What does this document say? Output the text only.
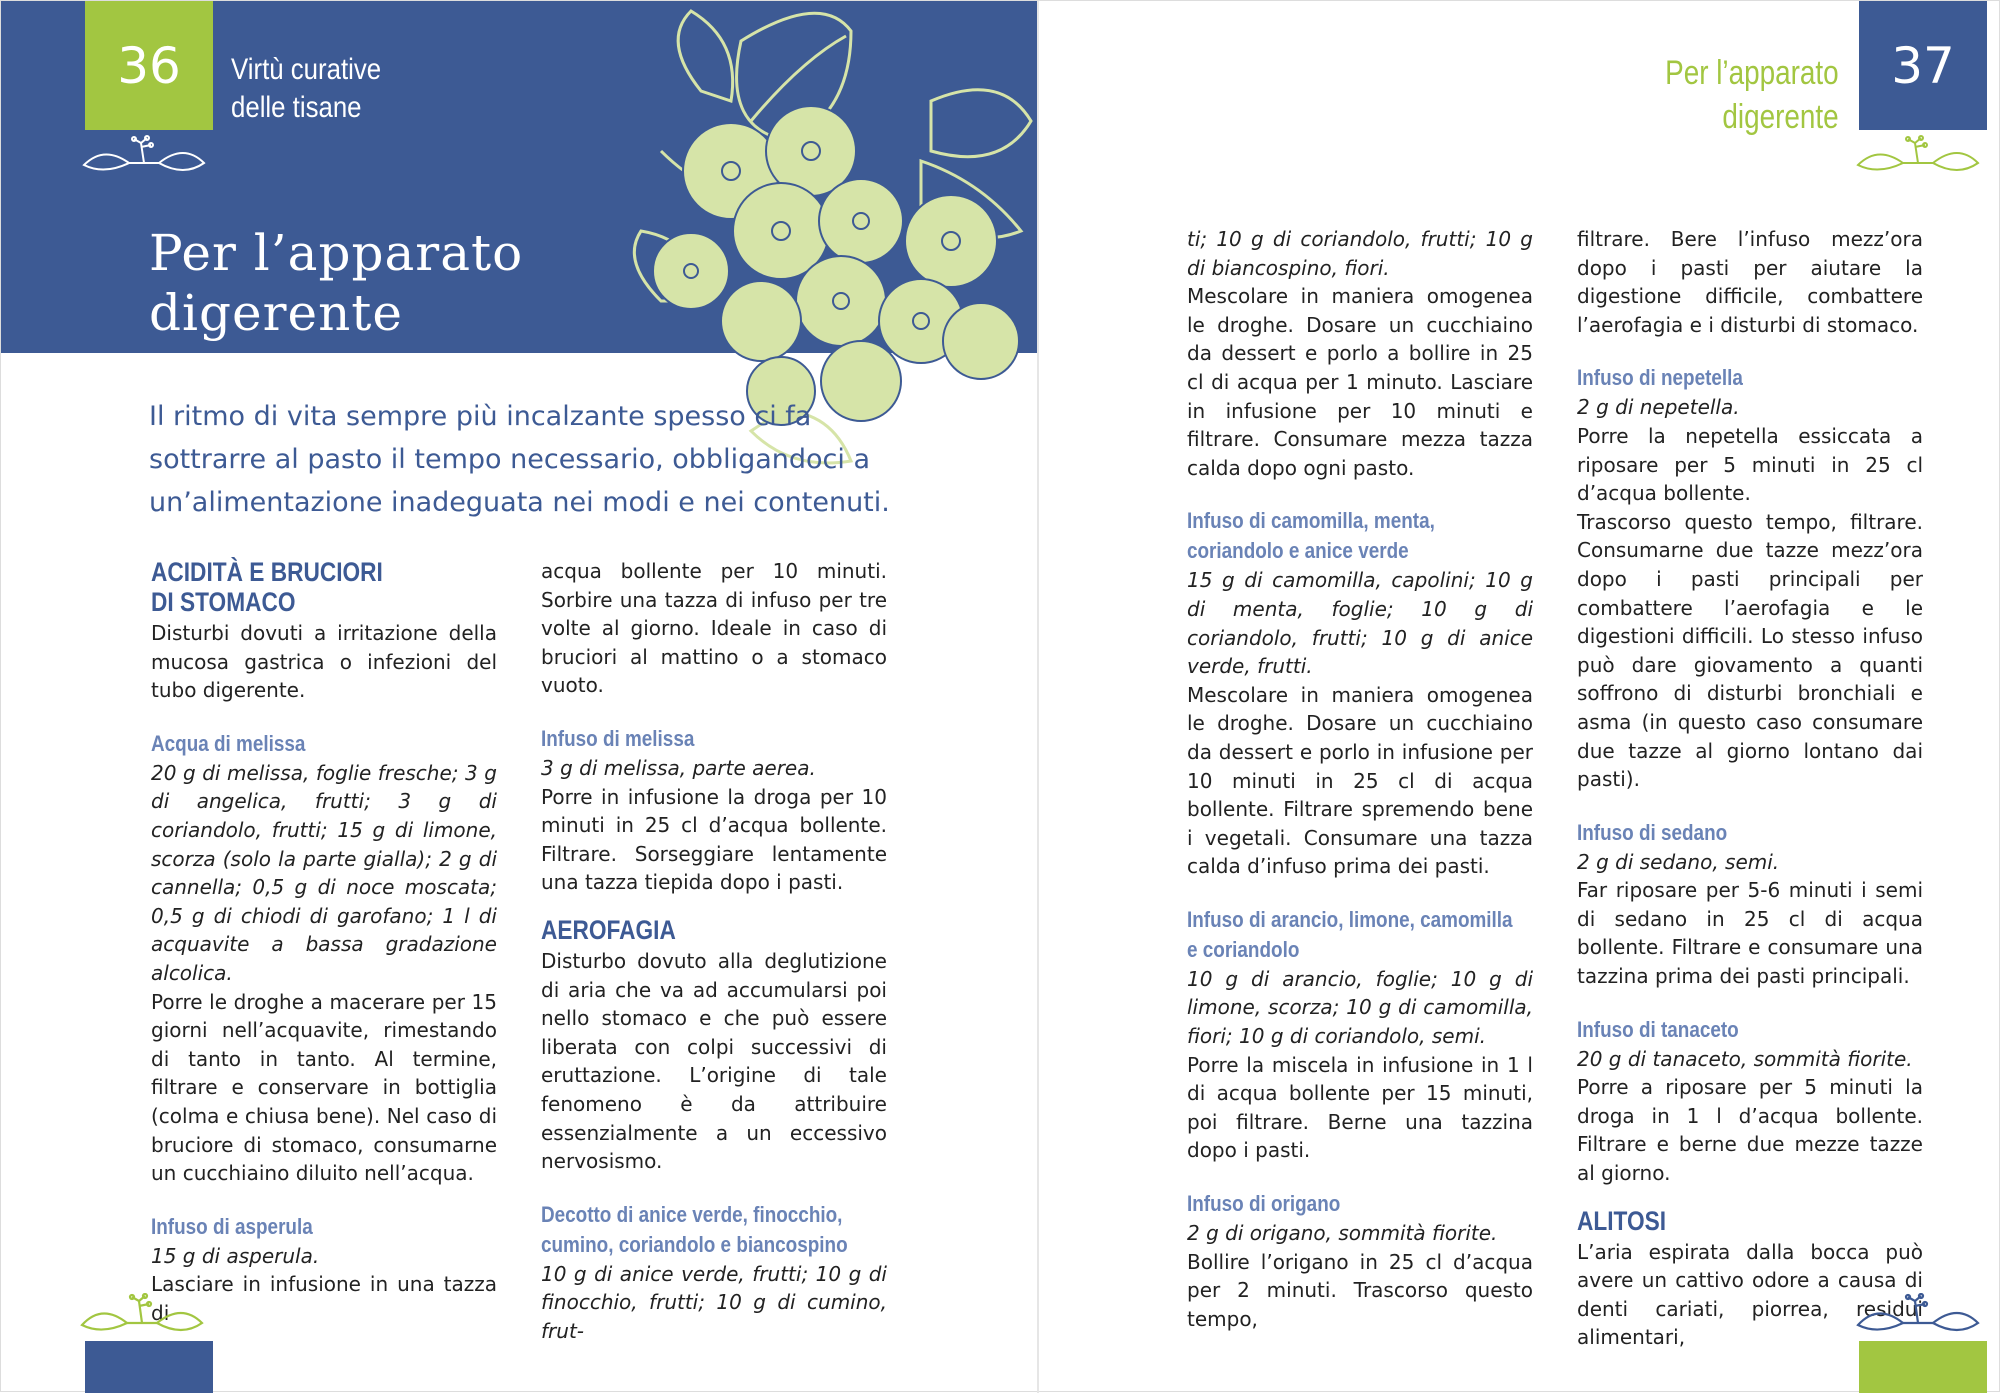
36	Virtù curative
delle tisane
Per l’apparato
digerente
Per l’apparato
digerente
37
Il ritmo di vita sempre più incalzante spesso ci fa sottrarre al pasto il tempo necessario, obbligandoci a un’alimentazione inadeguata nei modi e nei contenuti.
ACIDITÀ E BRUCIORI
DI STOMACO

Disturbi dovuti a irritazione della mucosa gastrica o infezioni del tubo digerente.

Acqua di melissa

20 g di melissa, foglie fresche; 3 g di angelica, frutti; 3 g di coriandolo, frutti; 15 g di limone, scorza (solo la parte gialla); 2 g di cannella; 0,5 g di noce moscata; 0,5 g di chiodi di garofano; 1 l di acquavite a bassa gradazione alcolica.

Porre le droghe a macerare per 15 giorni nell’acquavite, rimestando di tanto in tanto. Al termine, filtrare e conservare in bottiglia (colma e chiusa bene). Nel caso di bruciore di stomaco, consumarne un cucchiaino diluito nell’acqua.

Infuso di asperula

15 g di asperula.

Lasciare in infusione in una tazza di

acqua bollente per 10 minuti. Sorbire una tazza di infuso per tre volte al giorno. Ideale in caso di bruciori al mattino o a stomaco vuoto.

Infuso di melissa

3 g di melissa, parte aerea.

Porre in infusione la droga per 10 minuti in 25 cl d’acqua bollente. Filtrare. Sorseggiare lentamente una tazza tiepida dopo i pasti.

AEROFAGIA

Disturbo dovuto alla deglutizione di aria che va ad accumularsi poi nello stomaco e che può essere liberata con colpi successivi di eruttazione. L’origine di tale fenomeno è da attribuire essenzialmente a un eccessivo nervosismo.

Decotto di anice verde, finocchio,
cumino, coriandolo e biancospino

10 g di anice verde, frutti; 10 g di finocchio, frutti; 10 g di cumino, frut-

ti; 10 g di coriandolo, frutti; 10 g di biancospino, fiori.

Mescolare in maniera omogenea le droghe. Dosare un cucchiaino da dessert e porlo a bollire in 25 cl di acqua per 1 minuto. Lasciare in infusione per 10 minuti e filtrare. Consumare mezza tazza calda dopo ogni pasto.

Infuso di camomilla, menta,
coriandolo e anice verde

15 g di camomilla, capolini; 10 g di menta, foglie; 10 g di coriandolo, frutti; 10 g di anice verde, frutti.

Mescolare in maniera omogenea le droghe. Dosare un cucchiaino da dessert e porlo in infusione per 10 minuti in 25 cl di acqua bollente. Filtrare spremendo bene i vegetali. Consumare una tazza calda d’infuso prima dei pasti.

Infuso di arancio, limone, camomilla
e coriandolo

10 g di arancio, foglie; 10 g di limone, scorza; 10 g di camomilla, fiori; 10 g di coriandolo, semi.

Porre la miscela in infusione in 1 l di acqua bollente per 15 minuti, poi filtrare. Berne una tazzina dopo i pasti.

Infuso di origano

2 g di origano, sommità fiorite.

Bollire l’origano in 25 cl d’acqua per 2 minuti. Trascorso questo tempo,

filtrare. Bere l’infuso mezz’ora dopo i pasti per aiutare la digestione difficile, combattere l’aerofagia e i disturbi di stomaco.

Infuso di nepetella

2 g di nepetella.

Porre la nepetella essiccata a riposare per 5 minuti in 25 cl d’acqua bollente.

Trascorso questo tempo, filtrare. Consumarne due tazze mezz’ora dopo i pasti principali per combattere l’aerofagia e le digestioni difficili. Lo stesso infuso può dare giovamento a quanti soffrono di disturbi bronchiali e asma (in questo caso consumare due tazze al giorno lontano dai pasti).

Infuso di sedano

2 g di sedano, semi.

Far riposare per 5-6 minuti i semi di sedano in 25 cl di acqua bollente. Filtrare e consumare una tazzina prima dei pasti principali.

Infuso di tanaceto

20 g di tanaceto, sommità fiorite.

Porre a riposare per 5 minuti la droga in 1 l d’acqua bollente. Filtrare e berne due mezze tazze al giorno.

ALITOSI

L’aria espirata dalla bocca può avere un cattivo odore a causa di denti cariati, piorrea, residui alimentari,
